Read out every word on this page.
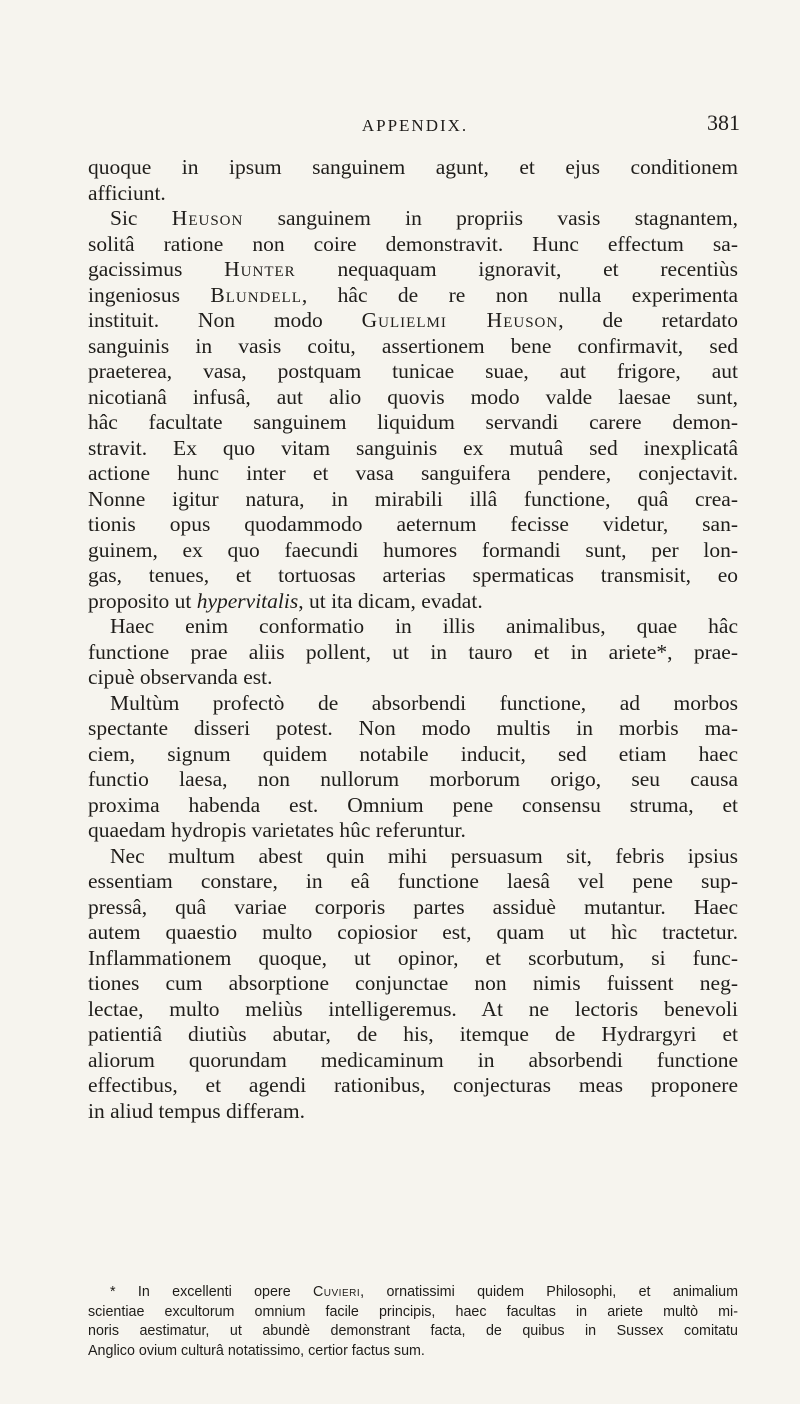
APPENDIX.	381
quoque in ipsum sanguinem agunt, et ejus conditionem
afficiunt.
Sic Heuson sanguinem in propriis vasis stagnantem,
solitâ ratione non coire demonstravit. Hunc effectum sa-
gacissimus Hunter nequaquam ignoravit, et recentiùs
ingeniosus Blundell, hâc de re non nulla experimenta
instituit. Non modo Gulielmi Heuson, de retardato
sanguinis in vasis coitu, assertionem bene confirmavit, sed
praeterea, vasa, postquam tunicae suae, aut frigore, aut
nicotianâ infusâ, aut alio quovis modo valde laesae sunt,
hâc facultate sanguinem liquidum servandi carere demon-
stravit. Ex quo vitam sanguinis ex mutuâ sed inexplicatâ
actione hunc inter et vasa sanguifera pendere, conjectavit.
Nonne igitur natura, in mirabili illâ functione, quâ crea-
tionis opus quodammodo aeternum fecisse videtur, san-
guinem, ex quo faecundi humores formandi sunt, per lon-
gas, tenues, et tortuosas arterias spermaticas transmisit, eo
proposito ut hypervitalis, ut ita dicam, evadat.
Haec enim conformatio in illis animalibus, quae hâc
functione prae aliis pollent, ut in tauro et in ariete*, prae-
cipuè observanda est.
Multùm profectò de absorbendi functione, ad morbos
spectante disseri potest. Non modo multis in morbis ma-
ciem, signum quidem notabile inducit, sed etiam haec
functio laesa, non nullorum morborum origo, seu causa
proxima habenda est. Omnium pene consensu struma, et
quaedam hydropis varietates hûc referuntur.
Nec multum abest quin mihi persuasum sit, febris ipsius
essentiam constare, in eâ functione laesâ vel pene sup-
pressâ, quâ variae corporis partes assiduè mutantur. Haec
autem quaestio multo copiosior est, quam ut hìc tractetur.
Inflammationem quoque, ut opinor, et scorbutum, si func-
tiones cum absorptione conjunctae non nimis fuissent neg-
lectae, multo meliùs intelligeremus. At ne lectoris benevoli
patientiâ diutiùs abutar, de his, itemque de Hydrargyri et
aliorum quorundam medicaminum in absorbendi functione
effectibus, et agendi rationibus, conjecturas meas proponere
in aliud tempus differam.
* In excellenti opere Cuvieri, ornatissimi quidem Philosophi, et animalium
scientiae excultorum omnium facile principis, haec facultas in ariete multò mi-
noris aestimatur, ut abundè demonstrant facta, de quibus in Sussex comitatu
Anglico ovium culturâ notatissimo, certior factus sum.
